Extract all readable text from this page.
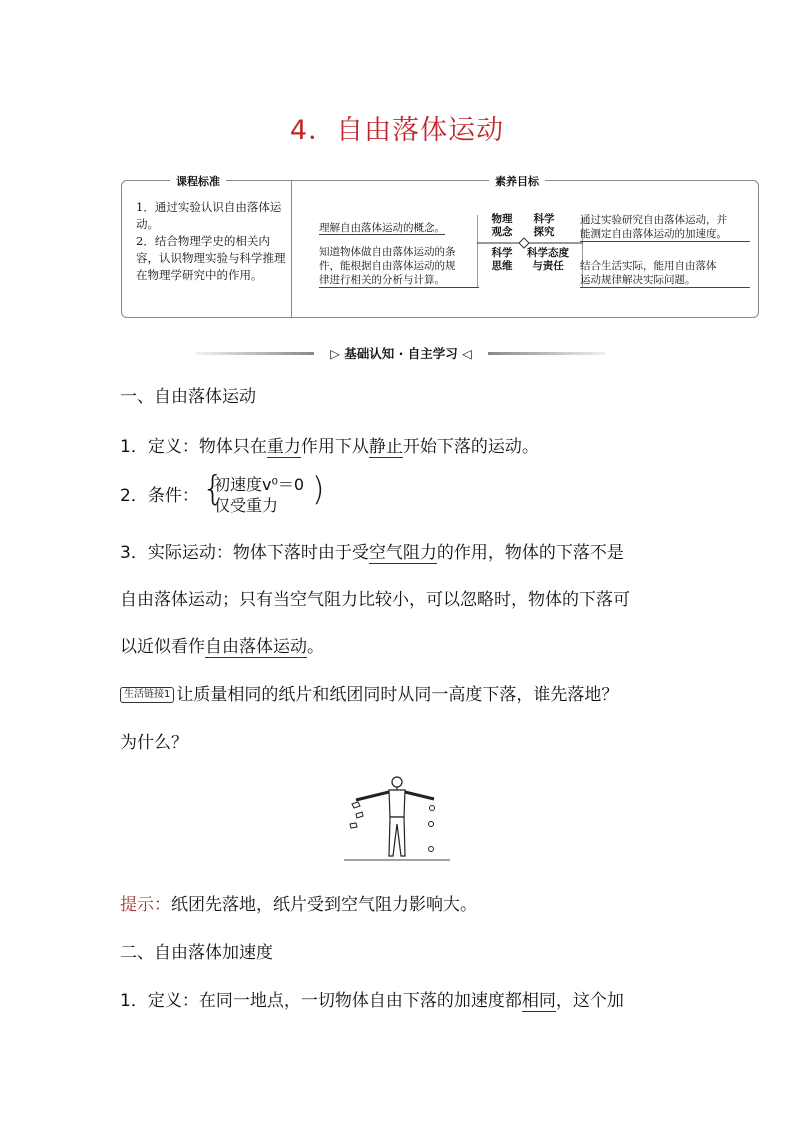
4．自由落体运动
课程标准	素养目标

1．通过实验认识自由落体运动。

2．结合物理学史的相关内容，认识物理实验与科学推理在物理学研究中的作用。

理解自由落体运动的概念。
知道物体做自由落体运动的条
件，能根据自由落体运动的规
律进行相关的分析与计算。
物理
观念
科学
探究
科学
思维
科学态度
与责任
通过实验研究自由落体运动，并
能测定自由落体运动的加速度。
结合生活实际，能用自由落体
运动规律解决实际问题。
▷ 基础认知 · 自主学习 ◁
一、自由落体运动
1．定义：物体只在重力作用下从静止开始下落的运动。
2．条件： {
初速度v⁰＝0
仅受重力 )
3．实际运动：物体下落时由于受空气阻力的作用，物体的下落不是
自由落体运动；只有当空气阻力比较小，可以忽略时，物体的下落可
以近似看作自由落体运动。
生活链接1 让质量相同的纸片和纸团同时从同一高度下落，谁先落地？
为什么？
提示：纸团先落地，纸片受到空气阻力影响大。
二、自由落体加速度
1．定义：在同一地点，一切物体自由下落的加速度都相同，这个加
